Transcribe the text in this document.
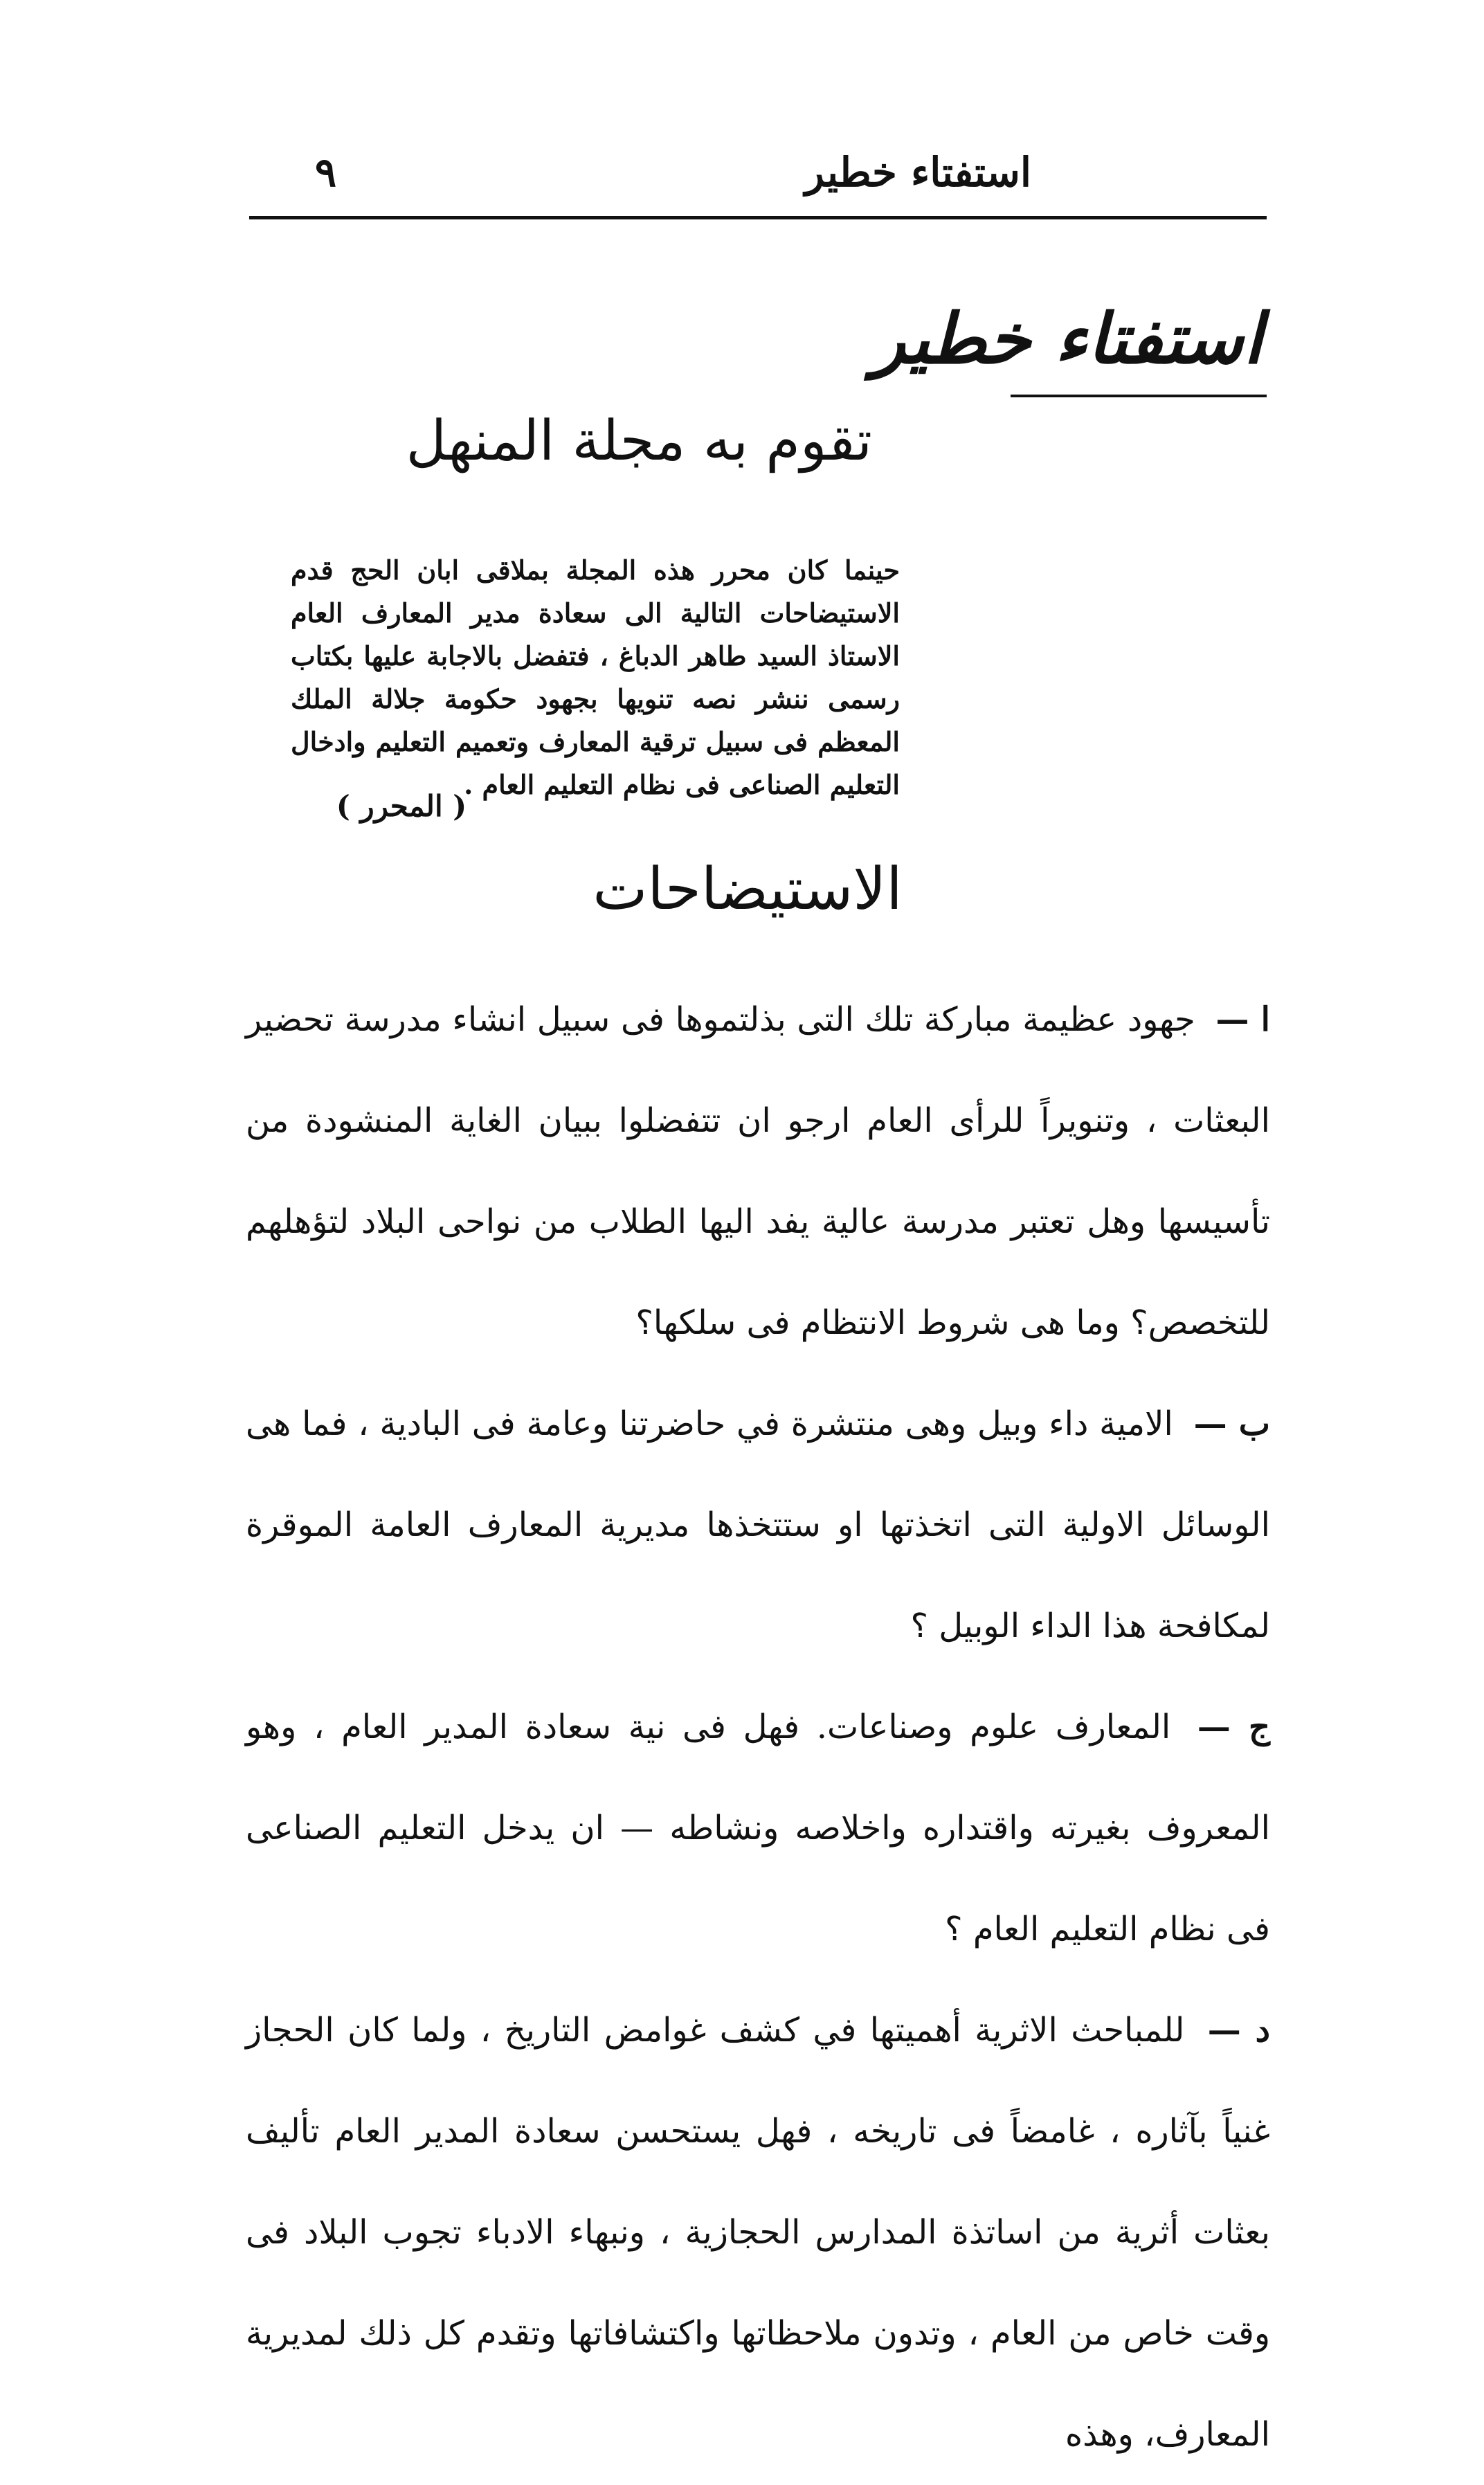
استفتاء خطير
٩
استفتاء خطير
تقوم به مجلة المنهل

حينما كان محرر هذه المجلة بملاقى ابان الحج قدم الاستيضاحات التالية الى سعادة مدير المعارف العام الاستاذ السيد طاهر الدباغ ، فتفضل بالاجابة عليها بكتاب رسمى ننشر نصه تنويها بجهود حكومة جلالة الملك المعظم فى سبيل ترقية المعارف وتعميم التعليم وادخال التعليم الصناعى فى نظام التعليم العام .

( المحرر )
الاستيضاحات

ا — جهود عظيمة مباركة تلك التى بذلتموها فى سبيل انشاء مدرسة تحضير البعثات ، وتنويراً للرأى العام ارجو ان تتفضلوا ببيان الغاية المنشودة من تأسيسها وهل تعتبر مدرسة عالية يفد اليها الطلاب من نواحى البلاد لتؤهلهم للتخصص؟ وما هى شروط الانتظام فى سلكها؟

ب — الامية داء وبيل وهى منتشرة في حاضرتنا وعامة فى البادية ، فما هى الوسائل الاولية التى اتخذتها او ستتخذها مديرية المعارف العامة الموقرة لمكافحة هذا الداء الوبيل ؟

ج — المعارف علوم وصناعات. فهل فى نية سعادة المدير العام ، وهو المعروف بغيرته واقتداره واخلاصه ونشاطه — ان يدخل التعليم الصناعى فى نظام التعليم العام ؟

د — للمباحث الاثرية أهميتها في كشف غوامض التاريخ ، ولما كان الحجاز غنياً بآثاره ، غامضاً فى تاريخه ، فهل يستحسن سعادة المدير العام تأليف بعثات أثرية من اساتذة المدارس الحجازية ، ونبهاء الادباء تجوب البلاد فى وقت خاص من العام ، وتدون ملاحظاتها واكتشافاتها وتقدم كل ذلك لمديرية المعارف، وهذه
